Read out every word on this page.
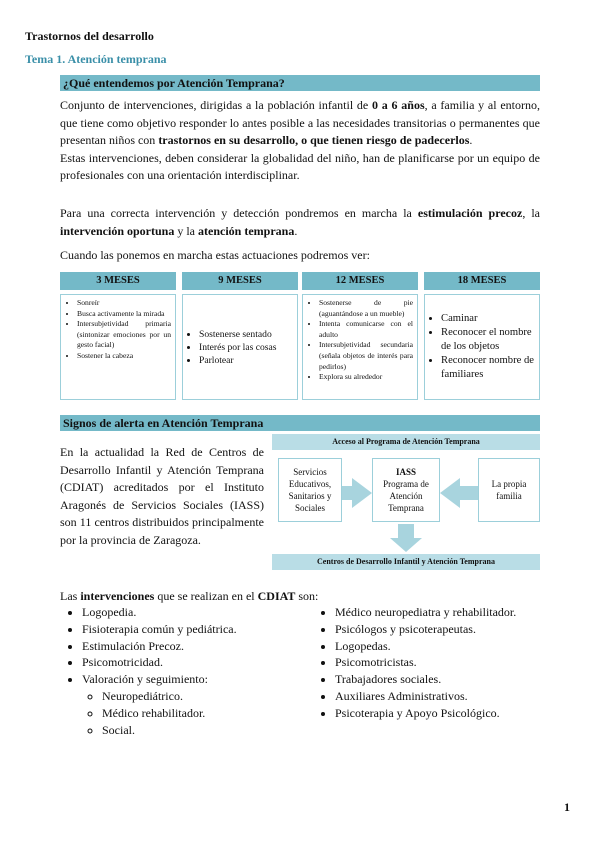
Trastornos del desarrollo
Tema 1. Atención temprana
¿Qué entendemos por Atención Temprana?

Conjunto de intervenciones, dirigidas a la población infantil de 0 a 6 años, a familia y al entorno, que tiene como objetivo responder lo antes posible a las necesidades transitorias o permanentes que presentan niños con trastornos en su desarrollo, o que tienen riesgo de padecerlos.
Estas intervenciones, deben considerar la globalidad del niño, han de planificarse por un equipo de profesionales con una orientación interdisciplinar.

Para una correcta intervención y detección pondremos en marcha la estimulación precoz, la intervención oportuna y la atención temprana.

Cuando las ponemos en marcha estas actuaciones podremos ver:

3 MESES	9 MESES	12 MESES	18 MESES
• Sonreír
• Busca activamente la mirada
• Intersubjetividad primaria (sintonizar emociones por un gesto facial)
• Sostener la cabeza
• Sostenerse sentado
• Interés por las cosas
• Parlotear
• Sostenerse de pie (aguantándose a un mueble)
• Intenta comunicarse con el adulto
• Intersubjetividad secundaria (señala objetos de interés para pedirlos)
• Explora su alrededor
• Caminar
• Reconocer el nombre de los objetos
• Reconocer nombre de familiares
Signos de alerta en Atención Temprana

En la actualidad la Red de Centros de Desarrollo Infantil y Atención Temprana (CDIAT) acreditados por el Instituto Aragonés de Servicios Sociales (IASS) son 11 centros distribuidos principalmente por la provincia de Zaragoza.

Acceso al Programa de Atención Temprana
Servicios
Educativos,
Sanitarios y
Sociales
IASS
Programa de
Atención
Temprana
La propia
familia
Centros de Desarrollo Infantil y Atención Temprana
Las intervenciones que se realizan en el CDIAT son:
• Logopedia.
• Fisioterapia común y pediátrica.
• Estimulación Precoz.
• Psicomotricidad.
• Valoración y seguimiento:
◦ Neuropediátrico.
◦ Médico rehabilitador.
◦ Social.
• Médico neuropediatra y rehabilitador.
• Psicólogos y psicoterapeutas.
• Logopedas.
• Psicomotricistas.
• Trabajadores sociales.
• Auxiliares Administrativos.
• Psicoterapia y Apoyo Psicológico.
1
